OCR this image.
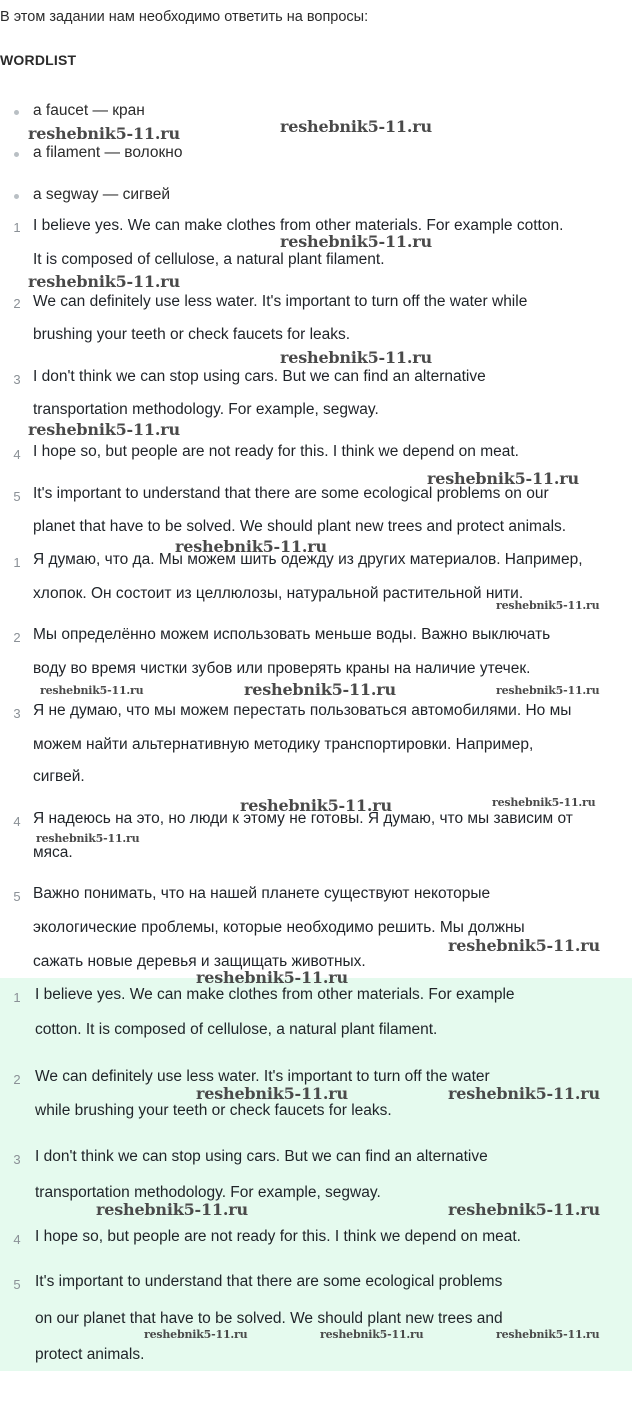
В этом задании нам необходимо ответить на вопросы:
WORDLIST
a faucet — кран
a filament — волокно
a segway — сигвей
1 I believe yes. We can make clothes from other materials. For example cotton.
It is composed of cellulose, a natural plant filament.
2 We can definitely use less water. It's important to turn off the water while
brushing your teeth or check faucets for leaks.
3 I don't think we can stop using cars. But we can find an alternative
transportation methodology. For example, segway.
4 I hope so, but people are not ready for this. I think we depend on meat.
5 It's important to understand that there are some ecological problems on our
planet that have to be solved. We should plant new trees and protect animals.
1 Я думаю, что да. Мы можем шить одежду из других материалов. Например,
хлопок. Он состоит из целлюлозы, натуральной растительной нити.
2 Мы определённо можем использовать меньше воды. Важно выключать
воду во время чистки зубов или проверять краны на наличие утечек.
3 Я не думаю, что мы можем перестать пользоваться автомобилями. Но мы
можем найти альтернативную методику транспортировки. Например,
сигвей.
4 Я надеюсь на это, но люди к этому не готовы. Я думаю, что мы зависим от
мяса.
5 Важно понимать, что на нашей планете существуют некоторые
экологические проблемы, которые необходимо решить. Мы должны
сажать новые деревья и защищать животных.
1 I believe yes. We can make clothes from other materials. For example
cotton. It is composed of cellulose, a natural plant filament.
2 We can definitely use less water. It's important to turn off the water
while brushing your teeth or check faucets for leaks.
3 I don't think we can stop using cars. But we can find an alternative
transportation methodology. For example, segway.
4 I hope so, but people are not ready for this. I think we depend on meat.
5 It's important to understand that there are some ecological problems
on our planet that have to be solved. We should plant new trees and
protect animals.
reshebnik5-11.ru	reshebnik5-11.ru
reshebnik5-11.ru
reshebnik5-11.ru
reshebnik5-11.ru
reshebnik5-11.ru
reshebnik5-11.ru
reshebnik5-11.ru
reshebnik5-11.ru
reshebnik5-11.ru	reshebnik5-11.ru	reshebnik5-11.ru
reshebnik5-11.ru	reshebnik5-11.ru
reshebnik5-11.ru
reshebnik5-11.ru
reshebnik5-11.ru
reshebnik5-11.ru	reshebnik5-11.ru
reshebnik5-11.ru	reshebnik5-11.ru
reshebnik5-11.ru	reshebnik5-11.ru	reshebnik5-11.ru
